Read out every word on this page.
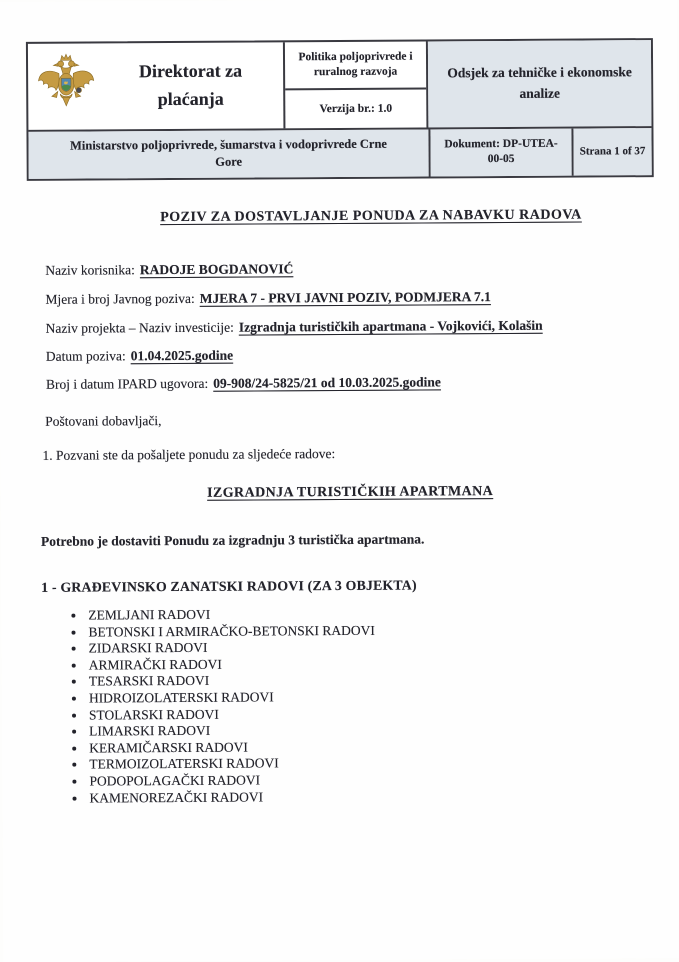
Direktorat za plaćanja
Politika poljoprivrede i ruralnog razvoja
Verzija br.: 1.0
Odsjek za tehničke i ekonomske analize
Ministarstvo poljoprivrede, šumarstva i vodoprivrede Crne Gore
Dokument: DP-UTEA-00-05
Strana 1 of 37
POZIV ZA DOSTAVLJANJE PONUDA ZA NABAVKU RADOVA

Naziv korisnika: RADOJE BOGDANOVIĆ

Mjera i broj Javnog poziva: MJERA 7 - PRVI JAVNI POZIV, PODMJERA 7.1

Naziv projekta – Naziv investicije: Izgradnja turističkih apartmana - Vojkovići, Kolašin

Datum poziva: 01.04.2025.godine

Broj i datum IPARD ugovora: 09-908/24-5825/21 od 10.03.2025.godine

Poštovani dobavljači,

1. Pozvani ste da pošaljete ponudu za sljedeće radove:

IZGRADNJA TURISTIČKIH APARTMANA

Potrebno je dostaviti Ponudu za izgradnju 3 turistička apartmana.

1 - GRAĐEVINSKO ZANATSKI RADOVI (ZA 3 OBJEKTA)

• ZEMLJANI RADOVI
• BETONSKI I ARMIRAČKO-BETONSKI RADOVI
• ZIDARSKI RADOVI
• ARMIRAČKI RADOVI
• TESARSKI RADOVI
• HIDROIZOLATERSKI RADOVI
• STOLARSKI RADOVI
• LIMARSKI RADOVI
• KERAMIČARSKI RADOVI
• TERMOIZOLATERSKI RADOVI
• PODOPOLAGAČKI RADOVI
• KAMENOREZAČKI RADOVI
